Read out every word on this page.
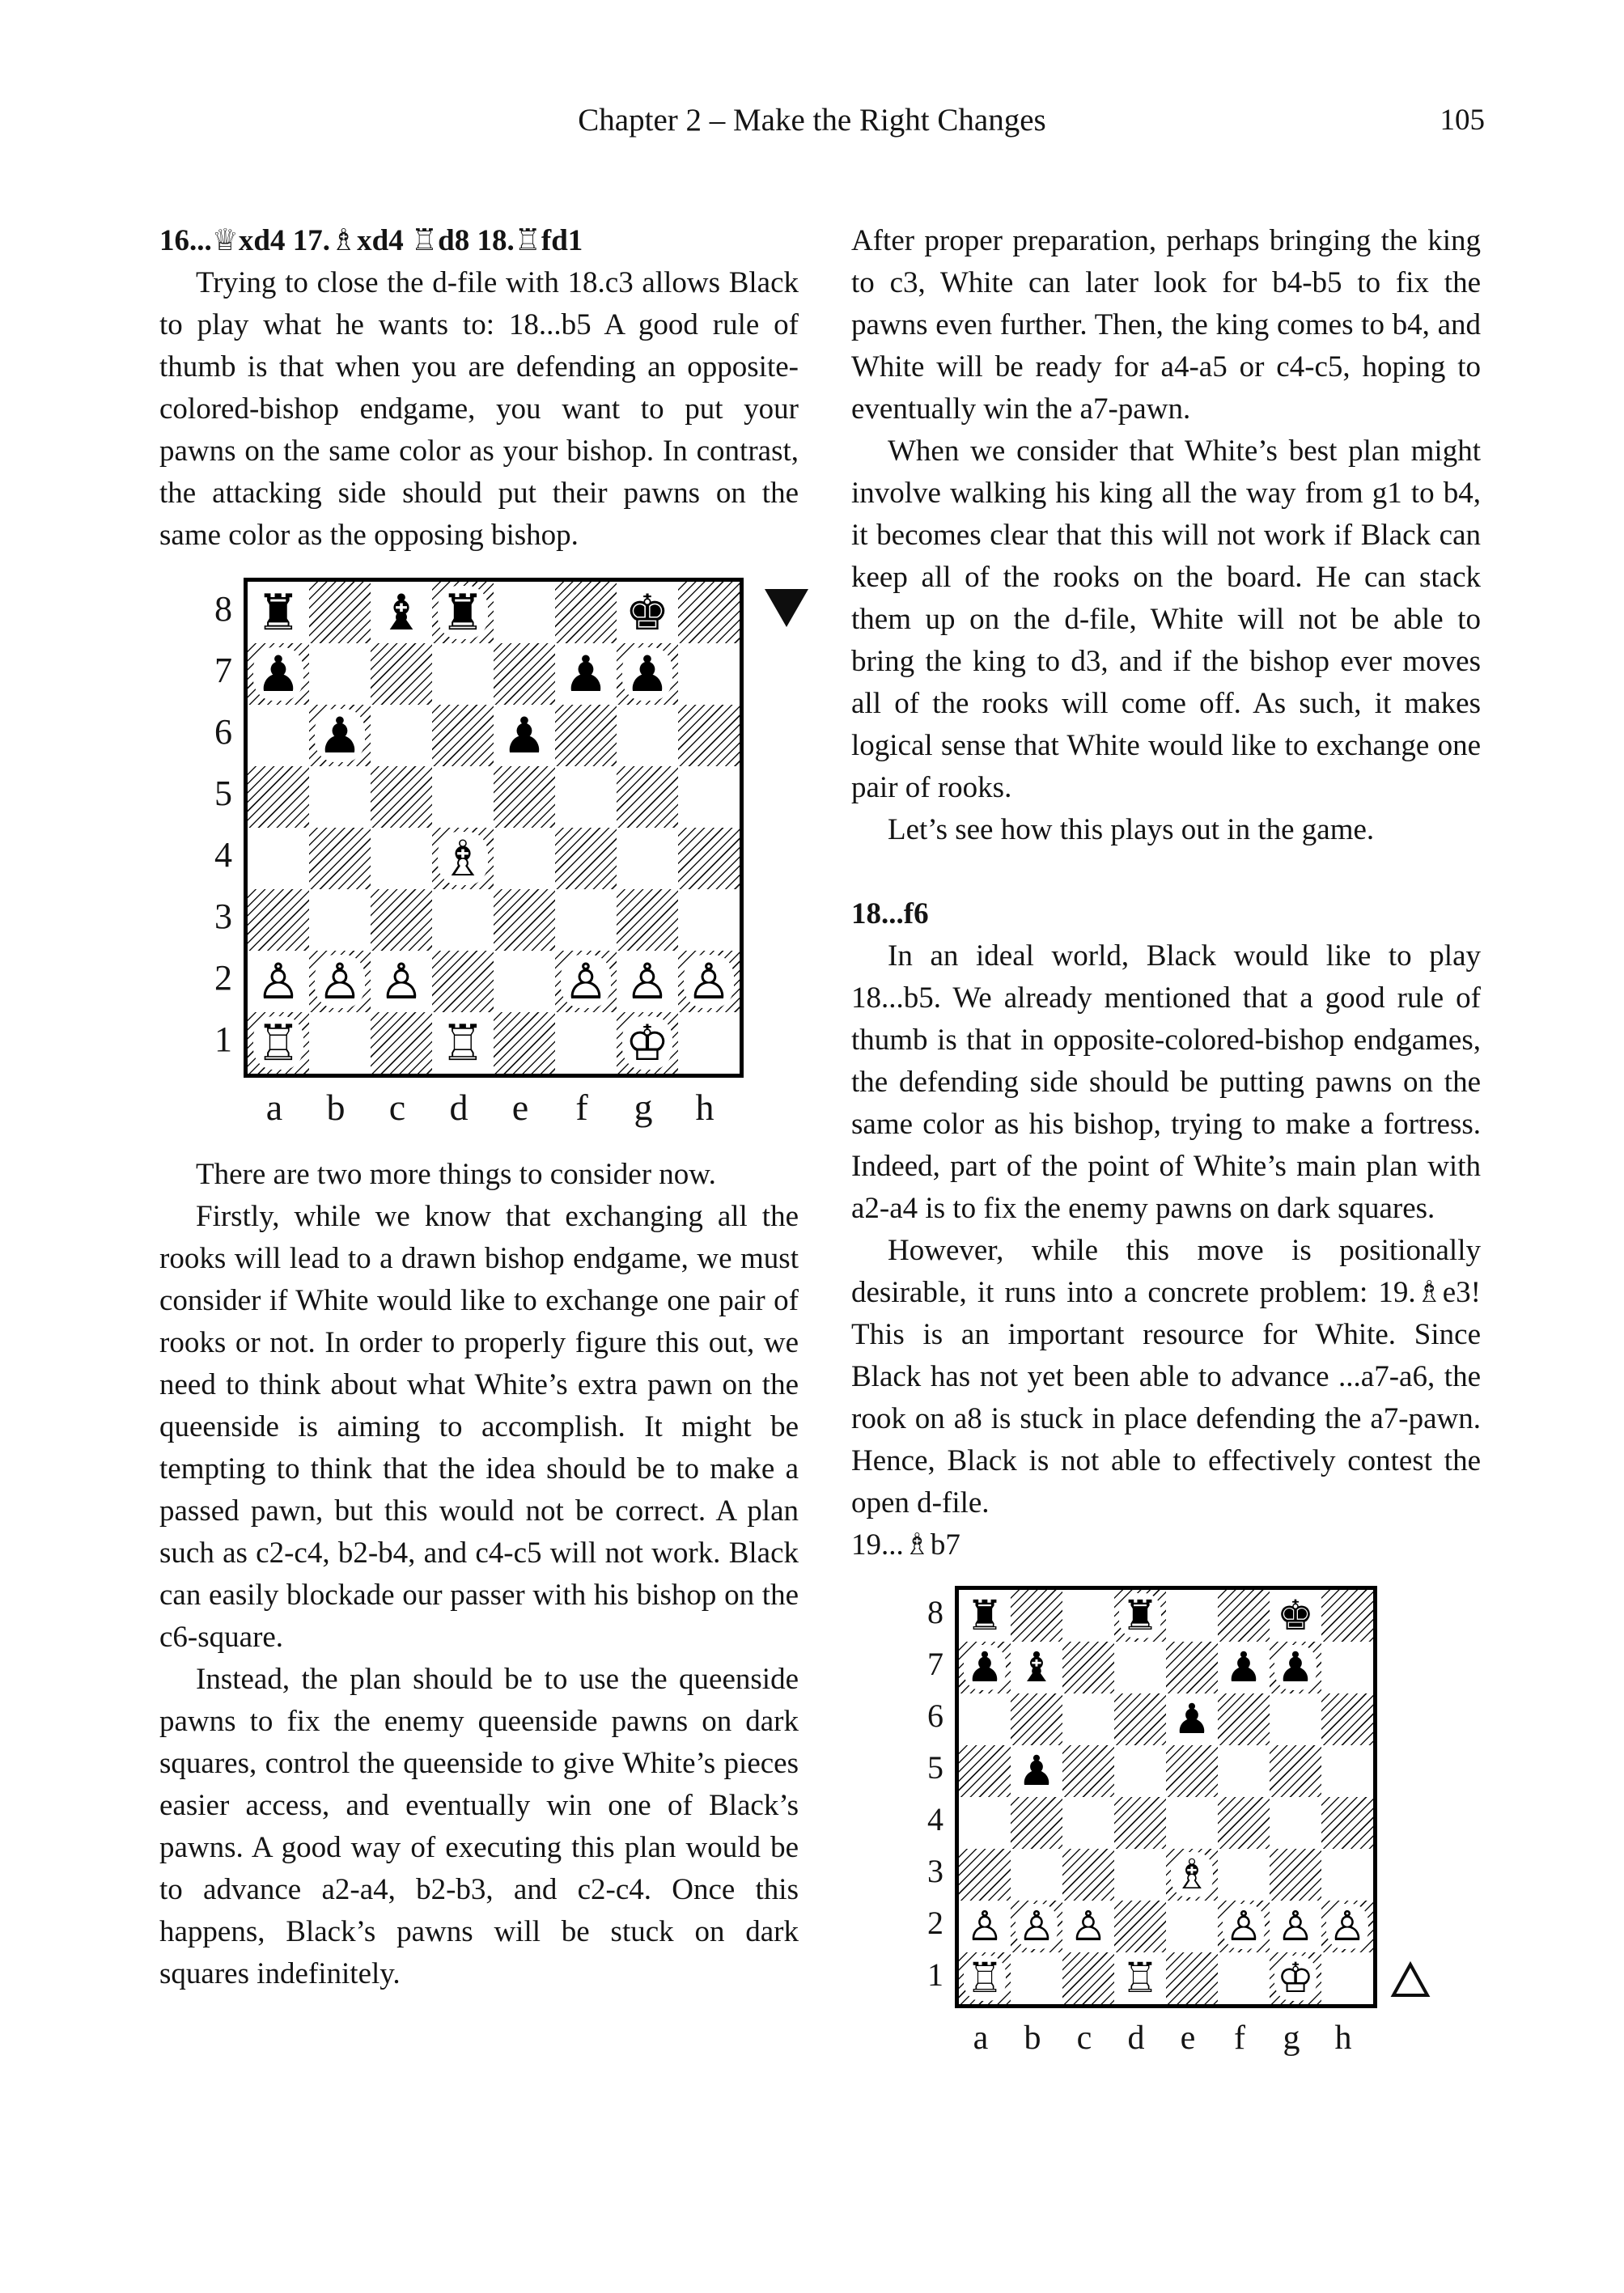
Chapter 2 – Make the Right Changes	105
16...♕xd4 17.♗xd4 ♖d8 18.♖fd1

Trying to close the d-file with 18.c3 allows Black to play what he wants to: 18...b5 A good rule of thumb is that when you are defending an opposite-colored-bishop endgame, you want to put your pawns on the same color as your bishop. In contrast, the attacking side should put their pawns on the same color as the opposing bishop.

8
7
6
5
4
3
2
1
♜ ♝ ♜	♚
♟	♟ ♟
♟	♟
♗
♙ ♙ ♙	♙ ♙ ♙
♖	♖	♔
a	b	c	d	e	f	g	h

There are two more things to consider now.

Firstly, while we know that exchanging all the rooks will lead to a drawn bishop endgame, we must consider if White would like to exchange one pair of rooks or not. In order to properly figure this out, we need to think about what White’s extra pawn on the queenside is aiming to accomplish. It might be tempting to think that the idea should be to make a passed pawn, but this would not be correct. A plan such as c2-c4, b2-b4, and c4-c5 will not work. Black can easily blockade our passer with his bishop on the c6-square.

Instead, the plan should be to use the queenside pawns to fix the enemy queenside pawns on dark squares, control the queenside to give White’s pieces easier access, and eventually win one of Black’s pawns. A good way of executing this plan would be to advance a2-a4, b2-b3, and c2-c4. Once this happens, Black’s pawns will be stuck on dark squares indefinitely.

After proper preparation, perhaps bringing the king to c3, White can later look for b4-b5 to fix the pawns even further. Then, the king comes to b4, and White will be ready for a4-a5 or c4-c5, hoping to eventually win the a7-pawn.

When we consider that White’s best plan might involve walking his king all the way from g1 to b4, it becomes clear that this will not work if Black can keep all of the rooks on the board. He can stack them up on the d-file, White will not be able to bring the king to d3, and if the bishop ever moves all of the rooks will come off. As such, it makes logical sense that White would like to exchange one pair of rooks.

Let’s see how this plays out in the game.

18...f6

In an ideal world, Black would like to play 18...b5. We already mentioned that a good rule of thumb is that in opposite-colored-bishop endgames, the defending side should be putting pawns on the same color as his bishop, trying to make a fortress. Indeed, part of the point of White’s main plan with a2-a4 is to fix the enemy pawns on dark squares.

However, while this move is positionally desirable, it runs into a concrete problem: 19.♗e3! This is an important resource for White. Since Black has not yet been able to advance ...a7-a6, the rook on a8 is stuck in place defending the a7-pawn. Hence, Black is not able to effectively contest the open d-file.

19...♗b7

8
7
6
5
4
3
2
1
♜	♜	♚
♟ ♝	♟ ♟
♟
♟
♗
♙ ♙ ♙	♙ ♙ ♙
♖	♖	♔
a	b	c	d	e	f	g	h
